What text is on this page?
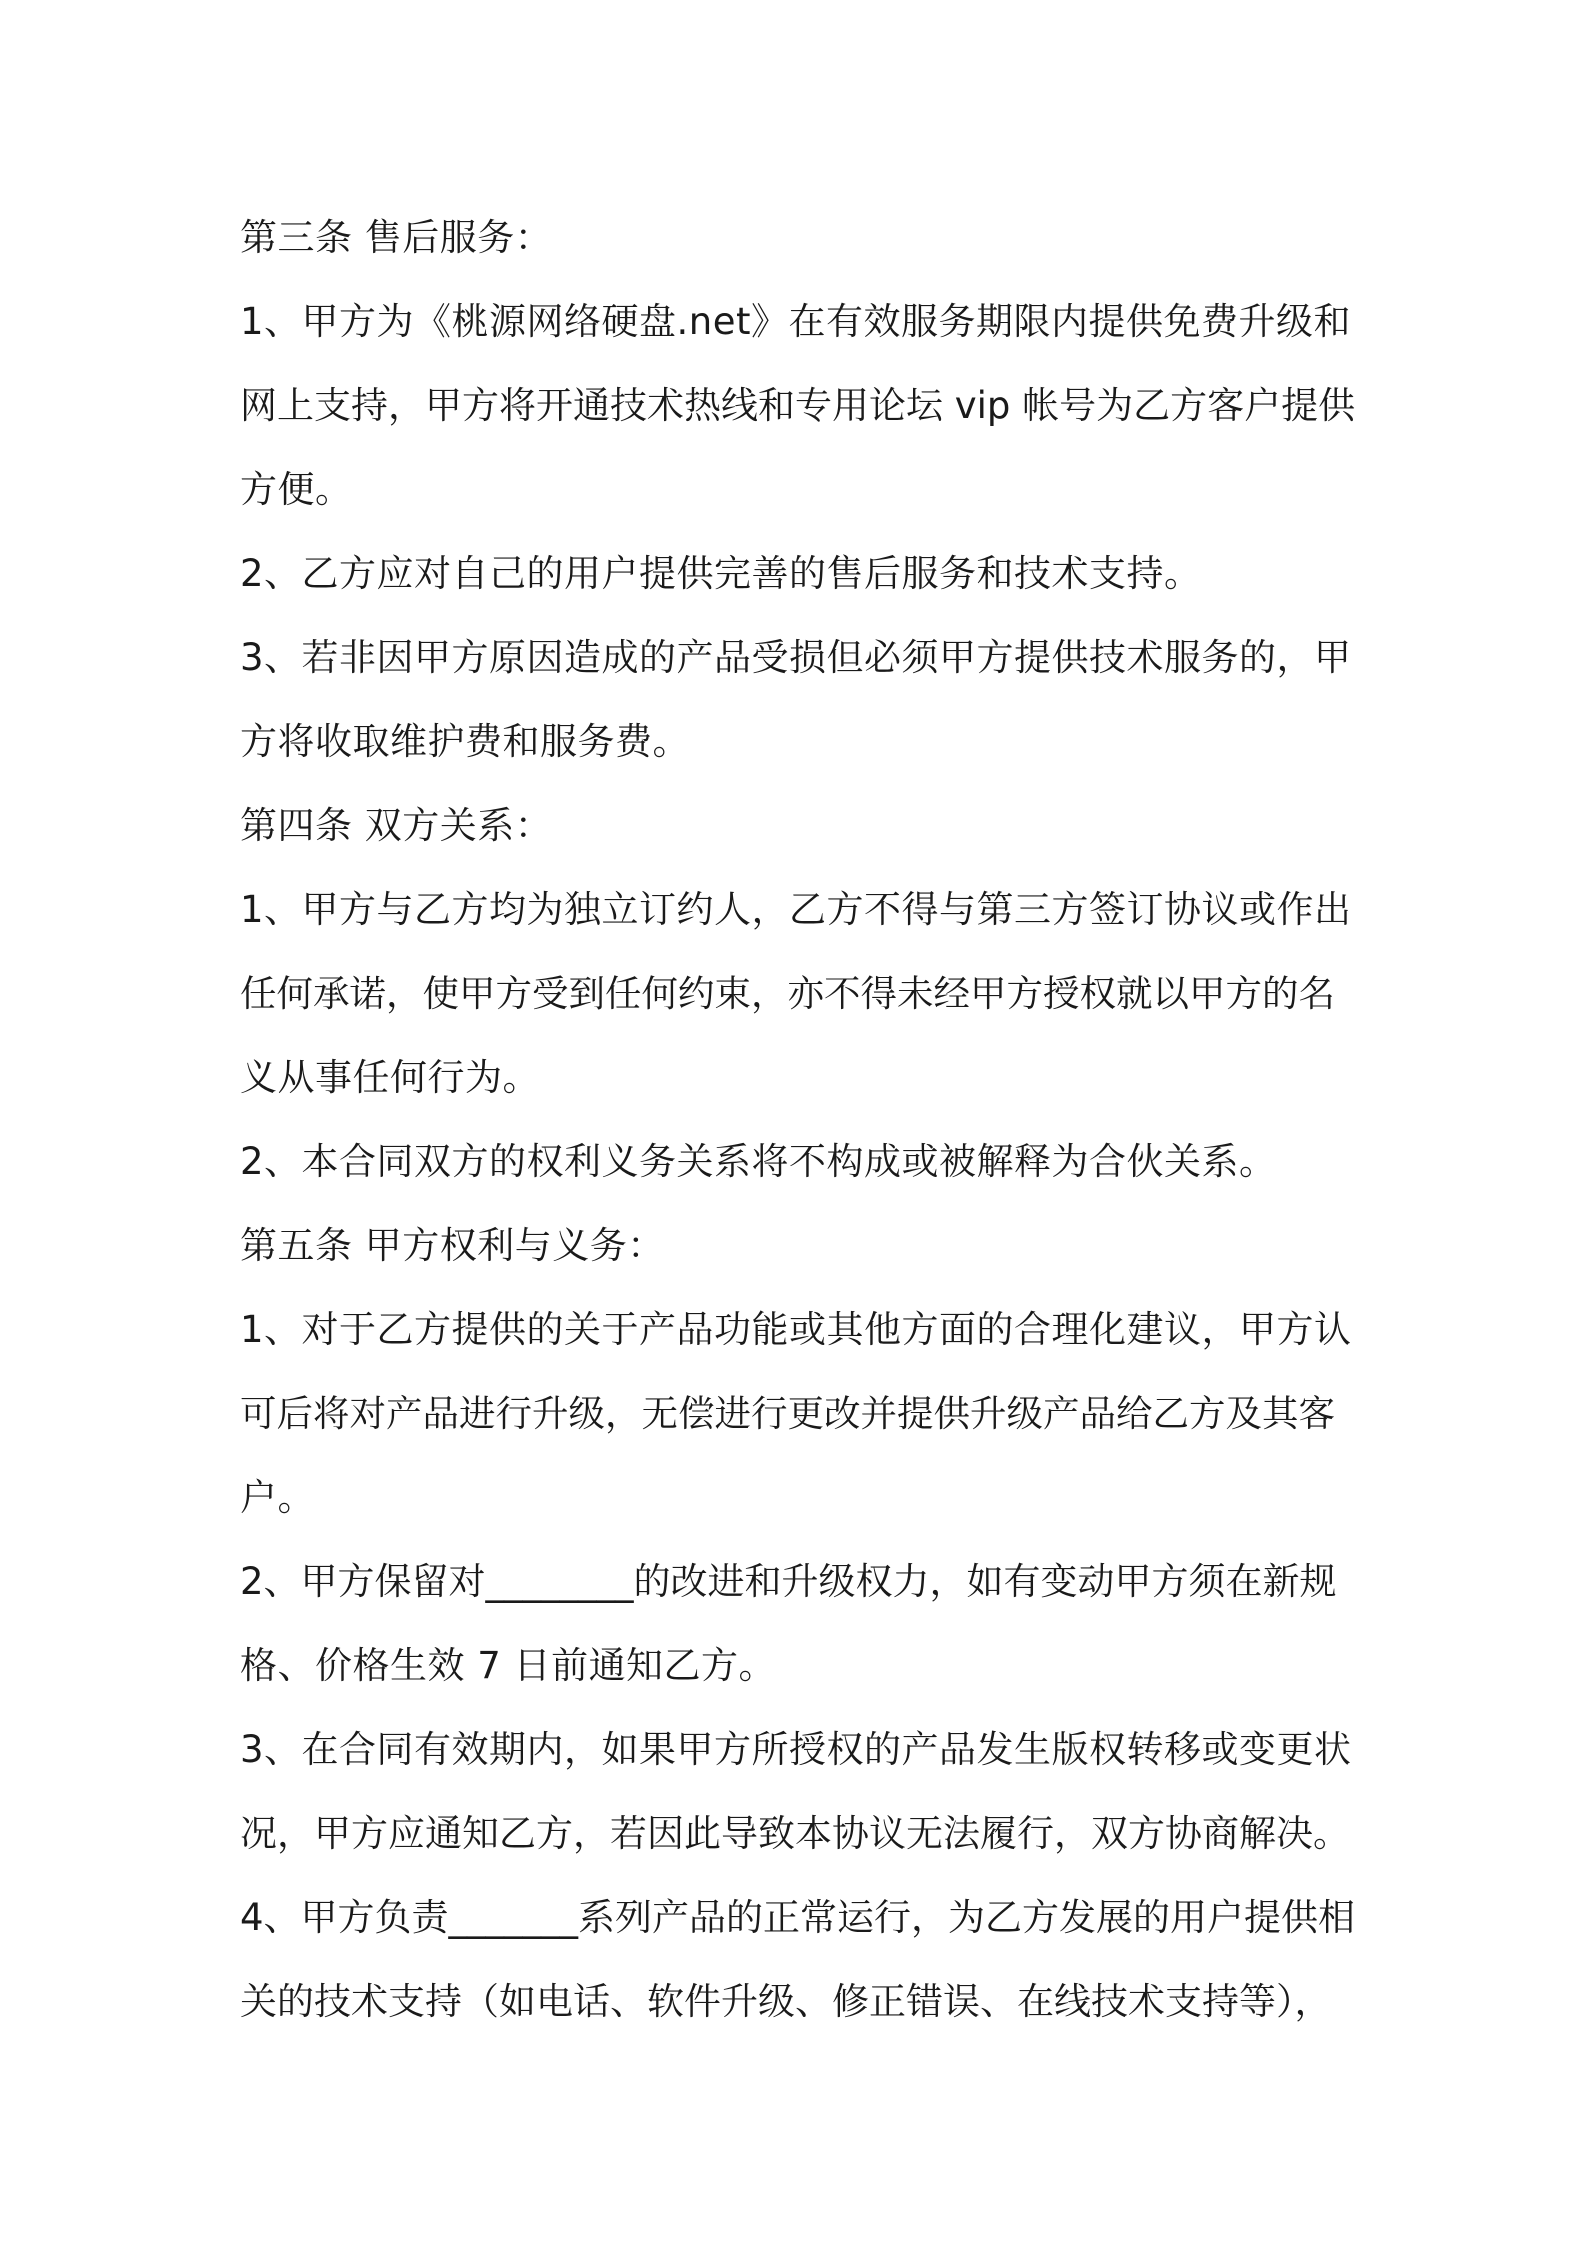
第三条 售后服务：
1、甲方为《桃源网络硬盘.net》在有效服务期限内提供免费升级和
网上支持，甲方将开通技术热线和专用论坛 vip 帐号为乙方客户提供
方便。
2、乙方应对自己的用户提供完善的售后服务和技术支持。
3、若非因甲方原因造成的产品受损但必须甲方提供技术服务的，甲
方将收取维护费和服务费。
第四条 双方关系：
1、甲方与乙方均为独立订约人，乙方不得与第三方签订协议或作出
任何承诺，使甲方受到任何约束，亦不得未经甲方授权就以甲方的名
义从事任何行为。
2、本合同双方的权利义务关系将不构成或被解释为合伙关系。
第五条 甲方权利与义务：
1、对于乙方提供的关于产品功能或其他方面的合理化建议，甲方认
可后将对产品进行升级，无偿进行更改并提供升级产品给乙方及其客
户。
2、甲方保留对________的改进和升级权力，如有变动甲方须在新规
格、价格生效 7 日前通知乙方。
3、在合同有效期内，如果甲方所授权的产品发生版权转移或变更状
况，甲方应通知乙方，若因此导致本协议无法履行，双方协商解决。
4、甲方负责_______系列产品的正常运行，为乙方发展的用户提供相
关的技术支持（如电话、软件升级、修正错误、在线技术支持等），
